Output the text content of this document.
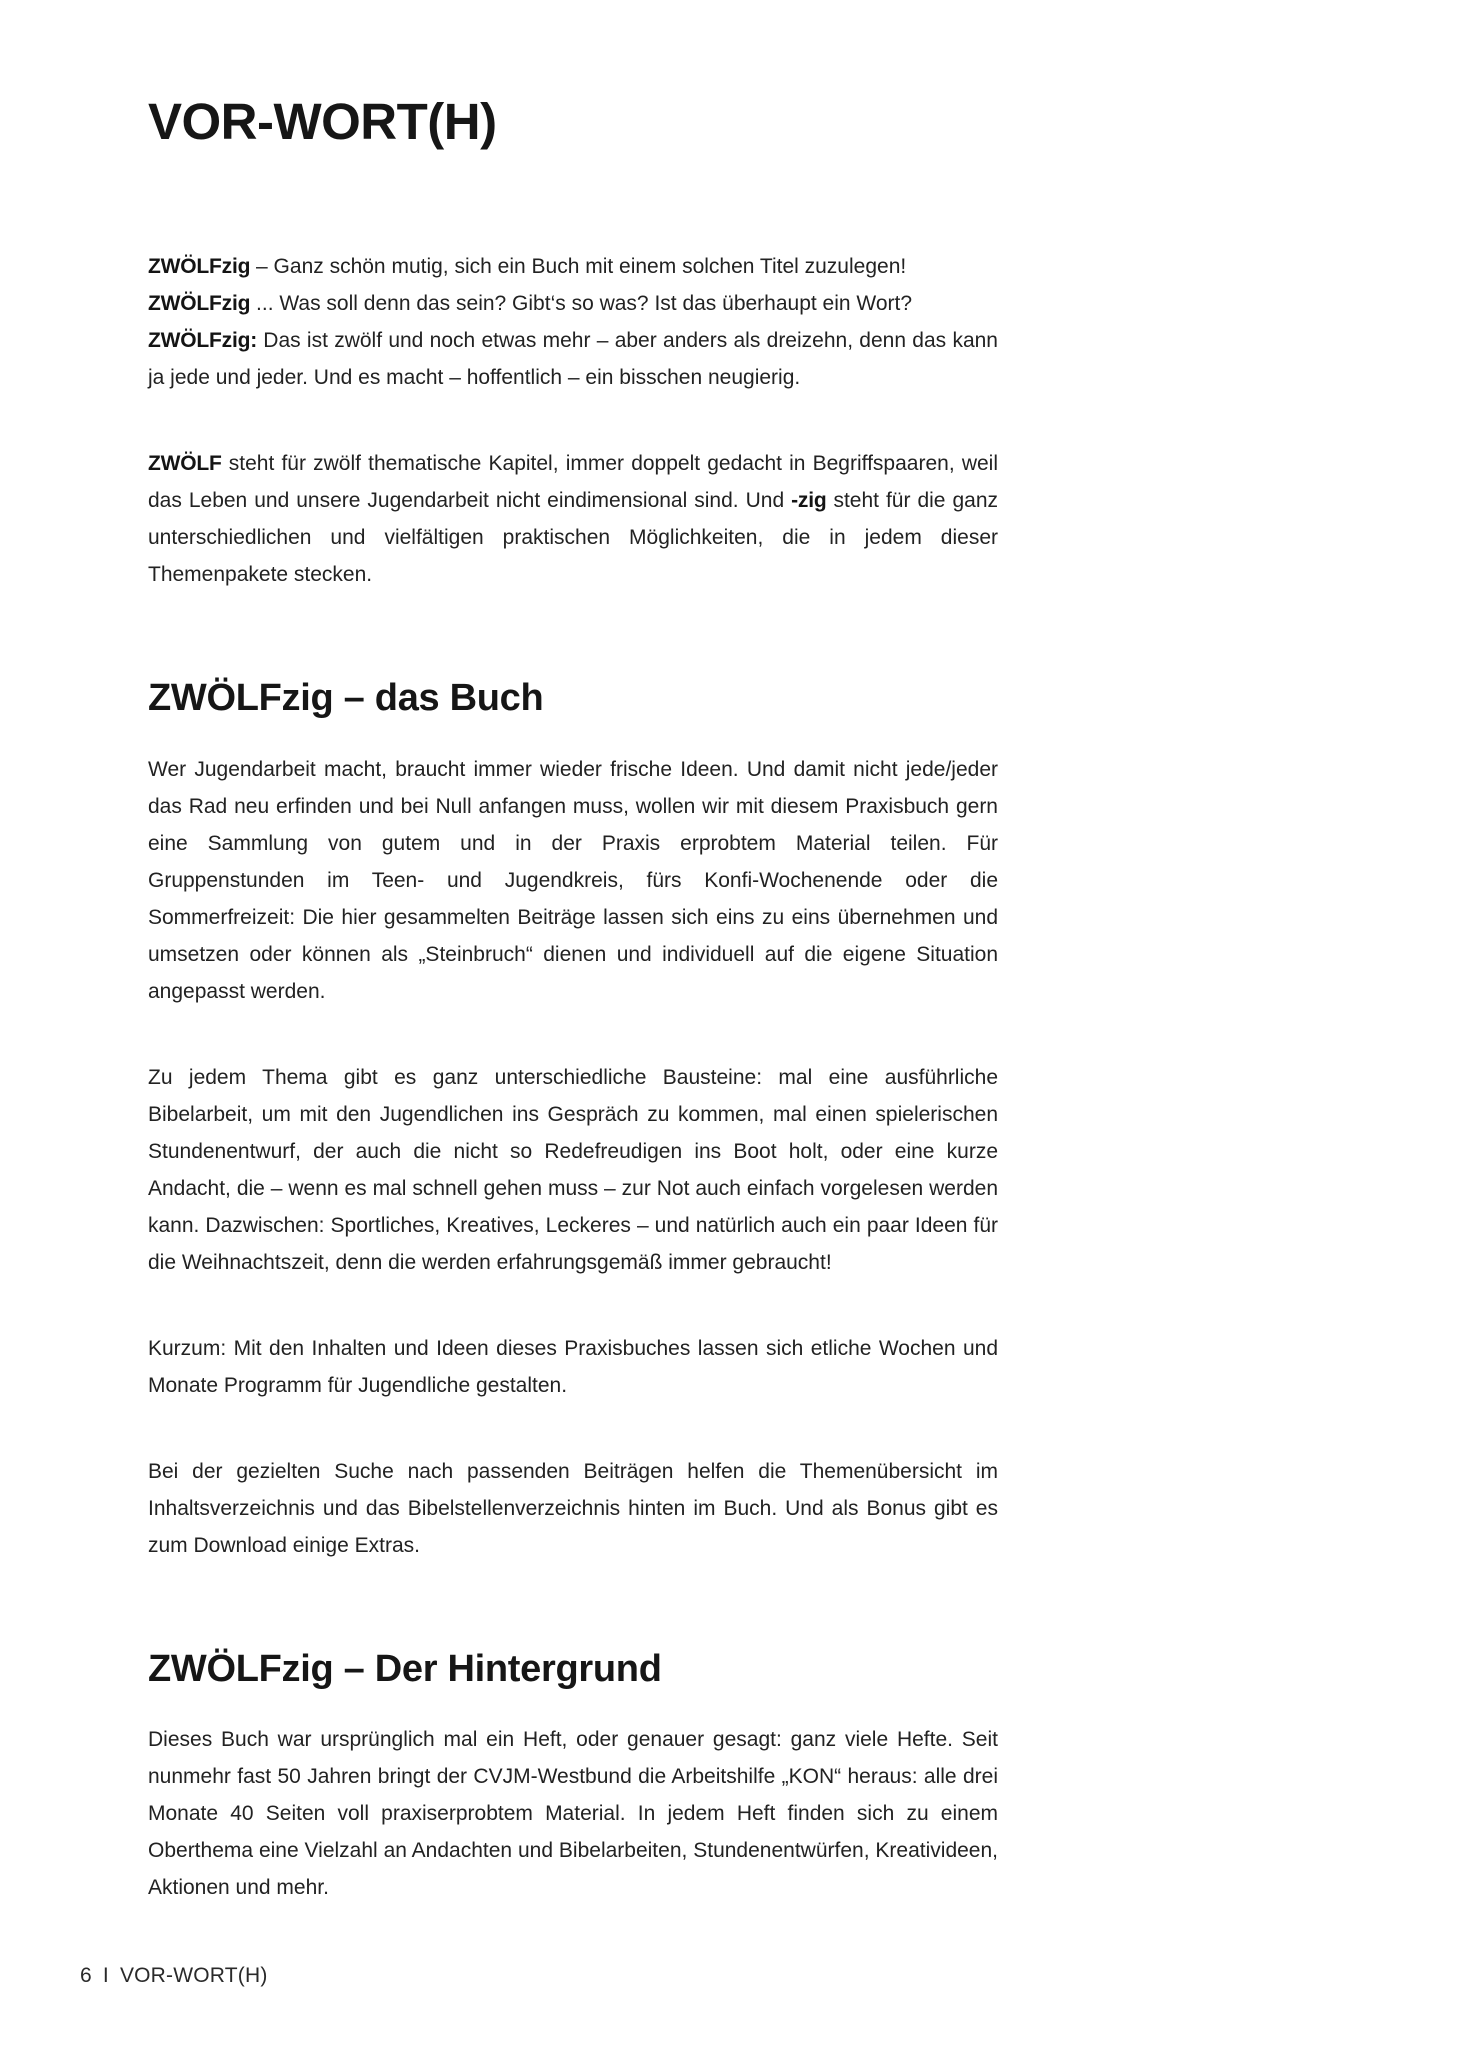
VOR-WORT(H)

ZWÖLFzig – Ganz schön mutig, sich ein Buch mit einem solchen Titel zuzulegen!
ZWÖLFzig ... Was soll denn das sein? Gibt‘s so was? Ist das überhaupt ein Wort?
ZWÖLFzig: Das ist zwölf und noch etwas mehr – aber anders als dreizehn, denn das kann ja jede und jeder. Und es macht – hoffentlich – ein bisschen neugierig.

ZWÖLF steht für zwölf thematische Kapitel, immer doppelt gedacht in Begriffspaaren, weil das Leben und unsere Jugendarbeit nicht eindimensional sind. Und -zig steht für die ganz unterschiedlichen und vielfältigen praktischen Möglichkeiten, die in jedem dieser Themenpakete stecken.

ZWÖLFzig – das Buch

Wer Jugendarbeit macht, braucht immer wieder frische Ideen. Und damit nicht jede/jeder das Rad neu erfinden und bei Null anfangen muss, wollen wir mit diesem Praxisbuch gern eine Sammlung von gutem und in der Praxis erprobtem Material teilen. Für Gruppenstunden im Teen- und Jugendkreis, fürs Konfi-Wochenende oder die Sommerfreizeit: Die hier gesammelten Beiträge lassen sich eins zu eins übernehmen und umsetzen oder können als „Steinbruch“ dienen und individuell auf die eigene Situation angepasst werden.

Zu jedem Thema gibt es ganz unterschiedliche Bausteine: mal eine ausführliche Bibelarbeit, um mit den Jugendlichen ins Gespräch zu kommen, mal einen spielerischen Stundenentwurf, der auch die nicht so Redefreudigen ins Boot holt, oder eine kurze Andacht, die – wenn es mal schnell gehen muss – zur Not auch einfach vorgelesen werden kann. Dazwischen: Sportliches, Kreatives, Leckeres – und natürlich auch ein paar Ideen für die Weihnachtszeit, denn die werden erfahrungsgemäß immer gebraucht!

Kurzum: Mit den Inhalten und Ideen dieses Praxisbuches lassen sich etliche Wochen und Monate Programm für Jugendliche gestalten.

Bei der gezielten Suche nach passenden Beiträgen helfen die Themenübersicht im Inhaltsverzeichnis und das Bibelstellenverzeichnis hinten im Buch. Und als Bonus gibt es zum Download einige Extras.

ZWÖLFzig – Der Hintergrund

Dieses Buch war ursprünglich mal ein Heft, oder genauer gesagt: ganz viele Hefte. Seit nunmehr fast 50 Jahren bringt der CVJM-Westbund die Arbeitshilfe „KON“ heraus: alle drei Monate 40 Seiten voll praxiserprobtem Material. In jedem Heft finden sich zu einem Oberthema eine Vielzahl an Andachten und Bibelarbeiten, Stundenentwürfen, Kreativideen, Aktionen und mehr.

6 I VOR-WORT(H)
